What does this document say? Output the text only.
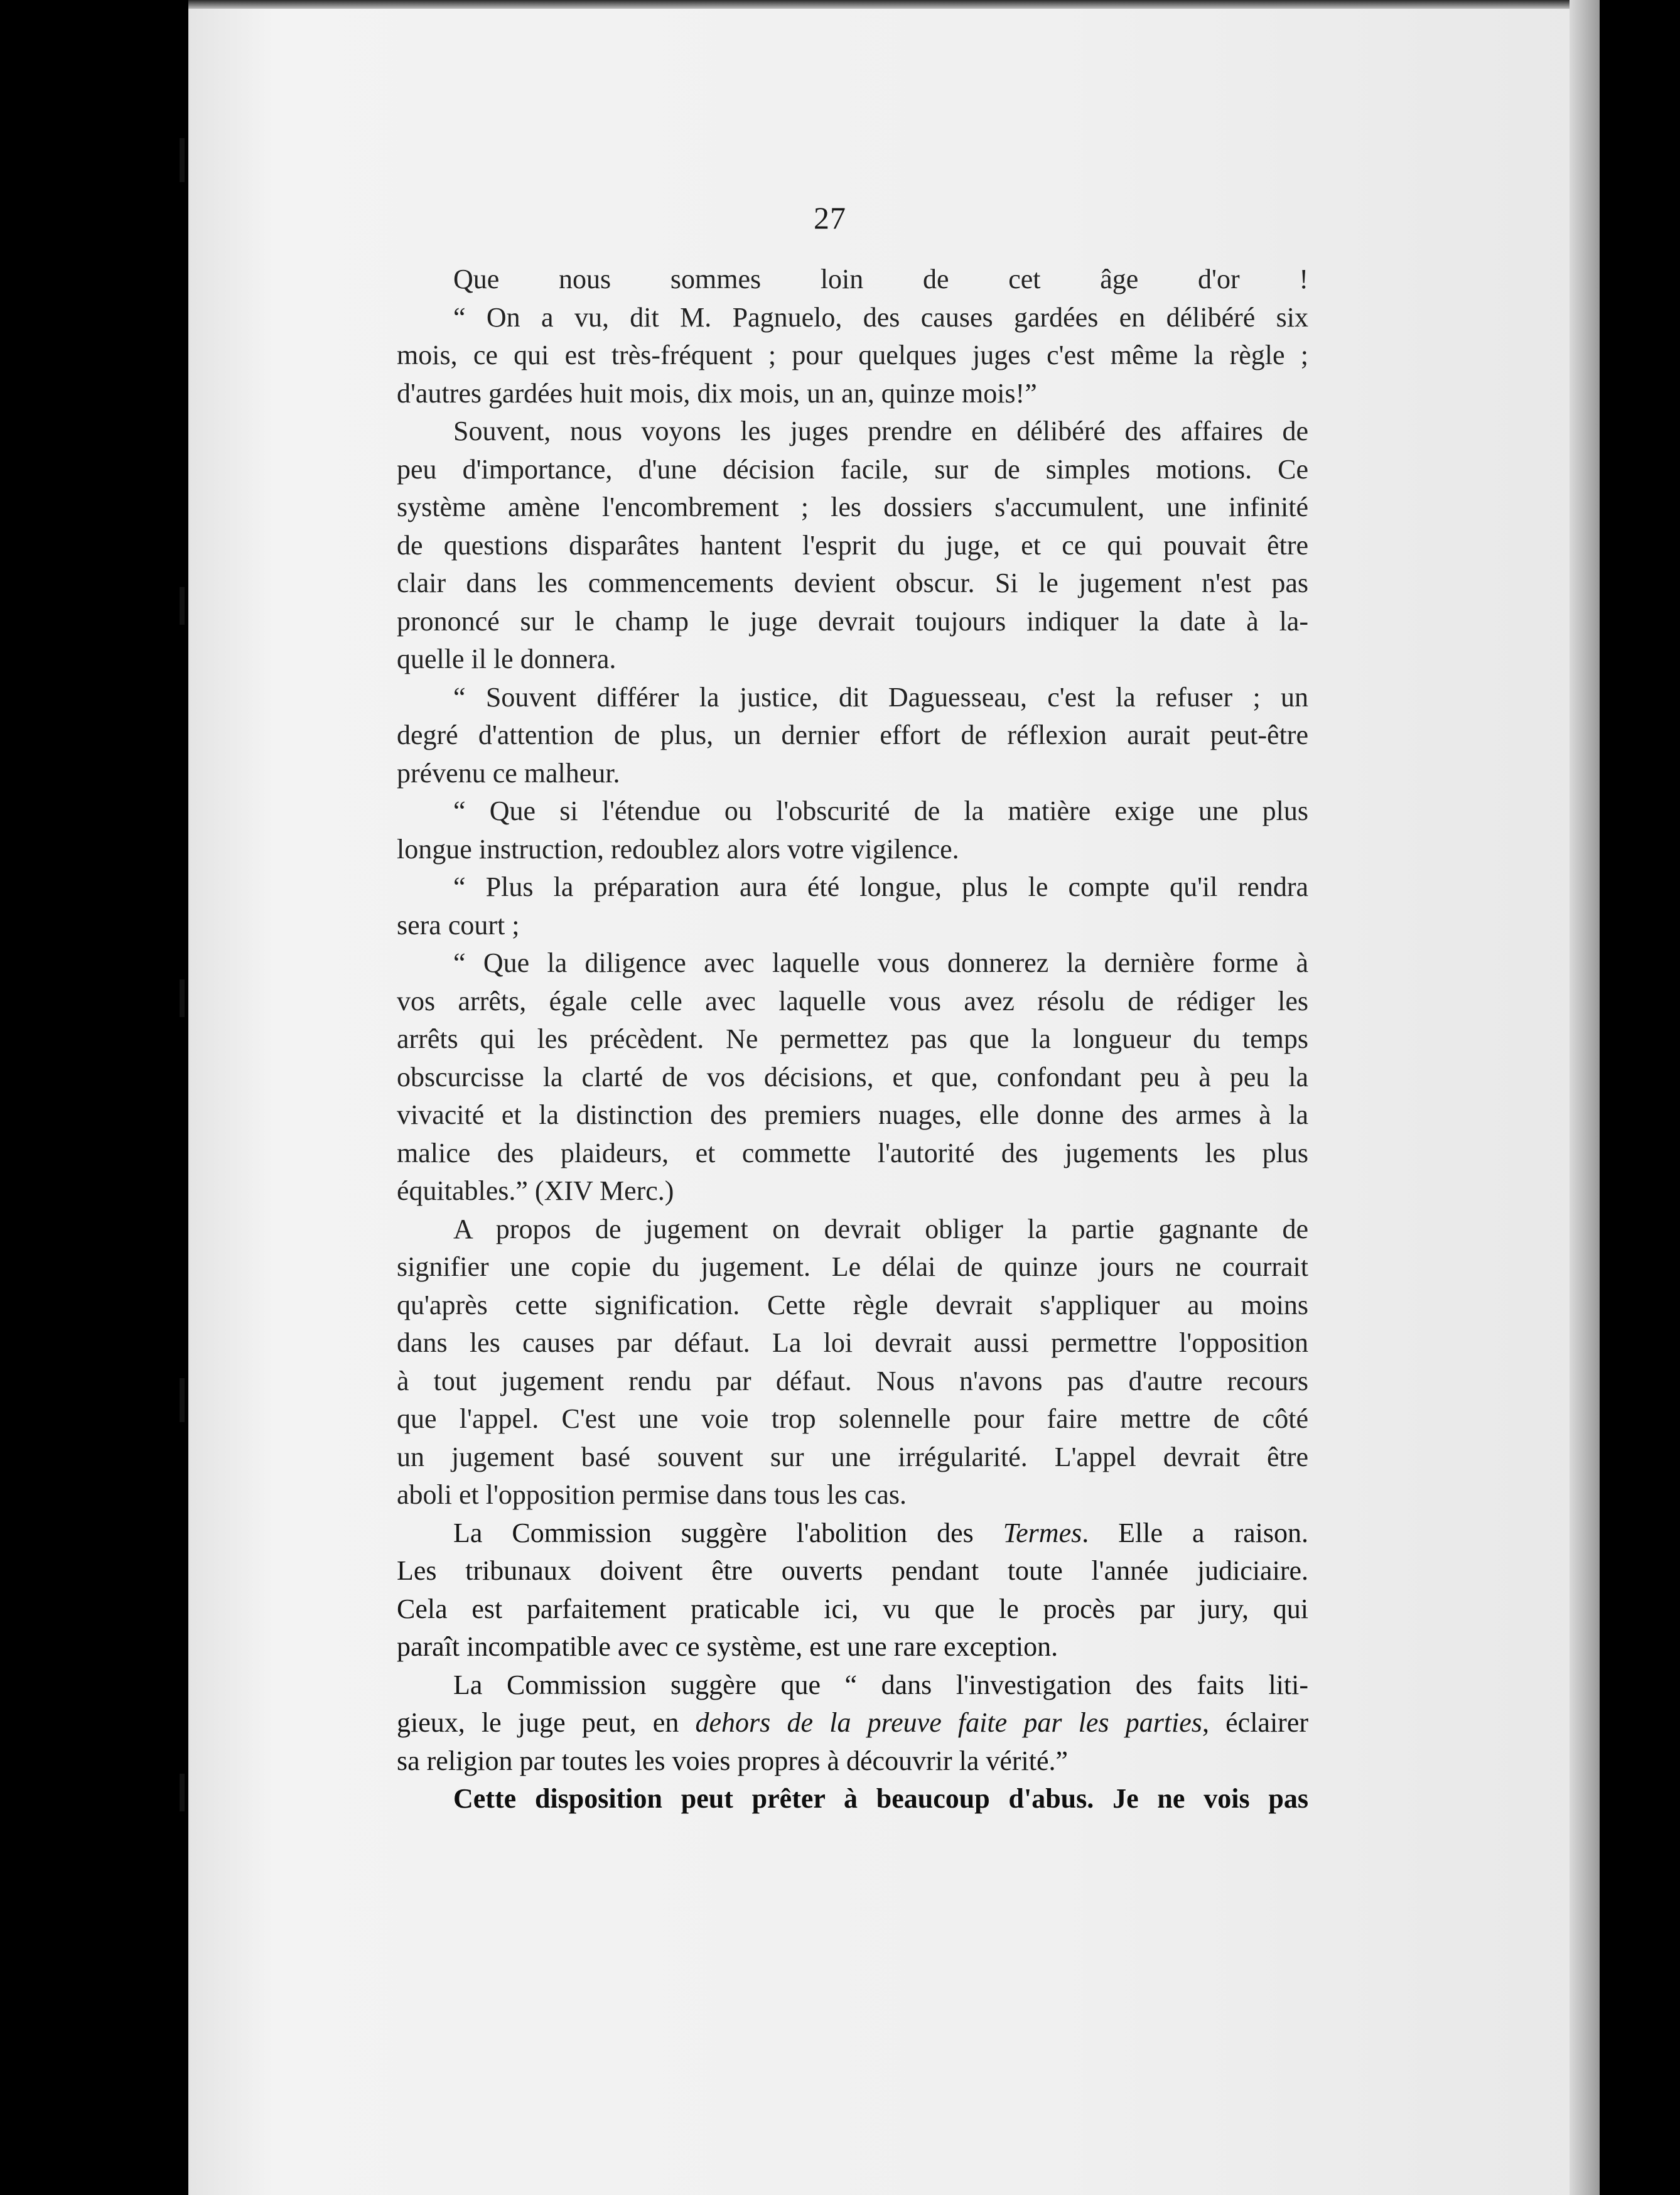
27
Que nous sommes loin de cet âge d'or !
“ On a vu, dit M. Pagnuelo, des causes gardées en délibéré six
mois, ce qui est très-fréquent ; pour quelques juges c'est même la règle ;
d'autres gardées huit mois, dix mois, un an, quinze mois!”
Souvent, nous voyons les juges prendre en délibéré des affaires de
peu d'importance, d'une décision facile, sur de simples motions. Ce
système amène l'encombrement ; les dossiers s'accumulent, une infinité
de questions disparâtes hantent l'esprit du juge, et ce qui pouvait être
clair dans les commencements devient obscur. Si le jugement n'est pas
prononcé sur le champ le juge devrait toujours indiquer la date à la-
quelle il le donnera.
“ Souvent différer la justice, dit Daguesseau, c'est la refuser ; un
degré d'attention de plus, un dernier effort de réflexion aurait peut-être
prévenu ce malheur.
“ Que si l'étendue ou l'obscurité de la matière exige une plus
longue instruction, redoublez alors votre vigilence.
“ Plus la préparation aura été longue, plus le compte qu'il rendra
sera court ;
“ Que la diligence avec laquelle vous donnerez la dernière forme à
vos arrêts, égale celle avec laquelle vous avez résolu de rédiger les
arrêts qui les précèdent. Ne permettez pas que la longueur du temps
obscurcisse la clarté de vos décisions, et que, confondant peu à peu la
vivacité et la distinction des premiers nuages, elle donne des armes à la
malice des plaideurs, et commette l'autorité des jugements les plus
équitables.” (XIV Merc.)
A propos de jugement on devrait obliger la partie gagnante de
signifier une copie du jugement. Le délai de quinze jours ne courrait
qu'après cette signification. Cette règle devrait s'appliquer au moins
dans les causes par défaut. La loi devrait aussi permettre l'opposition
à tout jugement rendu par défaut. Nous n'avons pas d'autre recours
que l'appel. C'est une voie trop solennelle pour faire mettre de côté
un jugement basé souvent sur une irrégularité. L'appel devrait être
aboli et l'opposition permise dans tous les cas.
La Commission suggère l'abolition des Termes. Elle a raison.
Les tribunaux doivent être ouverts pendant toute l'année judiciaire.
Cela est parfaitement praticable ici, vu que le procès par jury, qui
paraît incompatible avec ce système, est une rare exception.
La Commission suggère que “ dans l'investigation des faits liti-
gieux, le juge peut, en dehors de la preuve faite par les parties, éclairer
sa religion par toutes les voies propres à découvrir la vérité.”
Cette disposition peut prêter à beaucoup d'abus. Je ne vois pas
